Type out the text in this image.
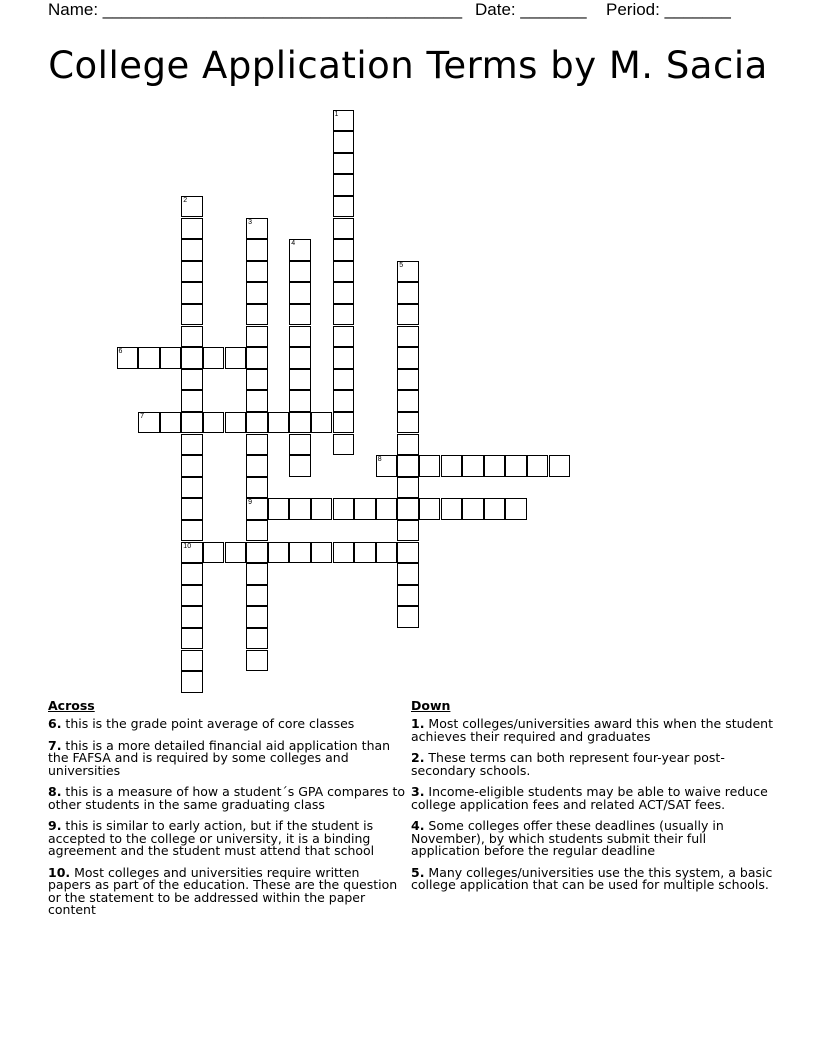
Name: ______________________________________ Date: _______ Period: _______
College Application Terms by M. Sacia
1
2
10
3
9
4
5
6
7
8
Across
6. this is the grade point average of core classes
7. this is a more detailed financial aid application than the FAFSA and is required by some colleges and universities
8. this is a measure of how a student´s GPA compares to other students in the same graduating class
9. this is similar to early action, but if the student is accepted to the college or university, it is a binding agreement and the student must attend that school
10. Most colleges and universities require written papers as part of the education. These are the question or the statement to be addressed within the paper content
Down
1. Most colleges/universities award this when the student achieves their required and graduates
2. These terms can both represent four-year post-secondary schools.
3. Income-eligible students may be able to waive reduce college application fees and related ACT/SAT fees.
4. Some colleges offer these deadlines (usually in November), by which students submit their full application before the regular deadline
5. Many colleges/universities use the this system, a basic college application that can be used for multiple schools.
